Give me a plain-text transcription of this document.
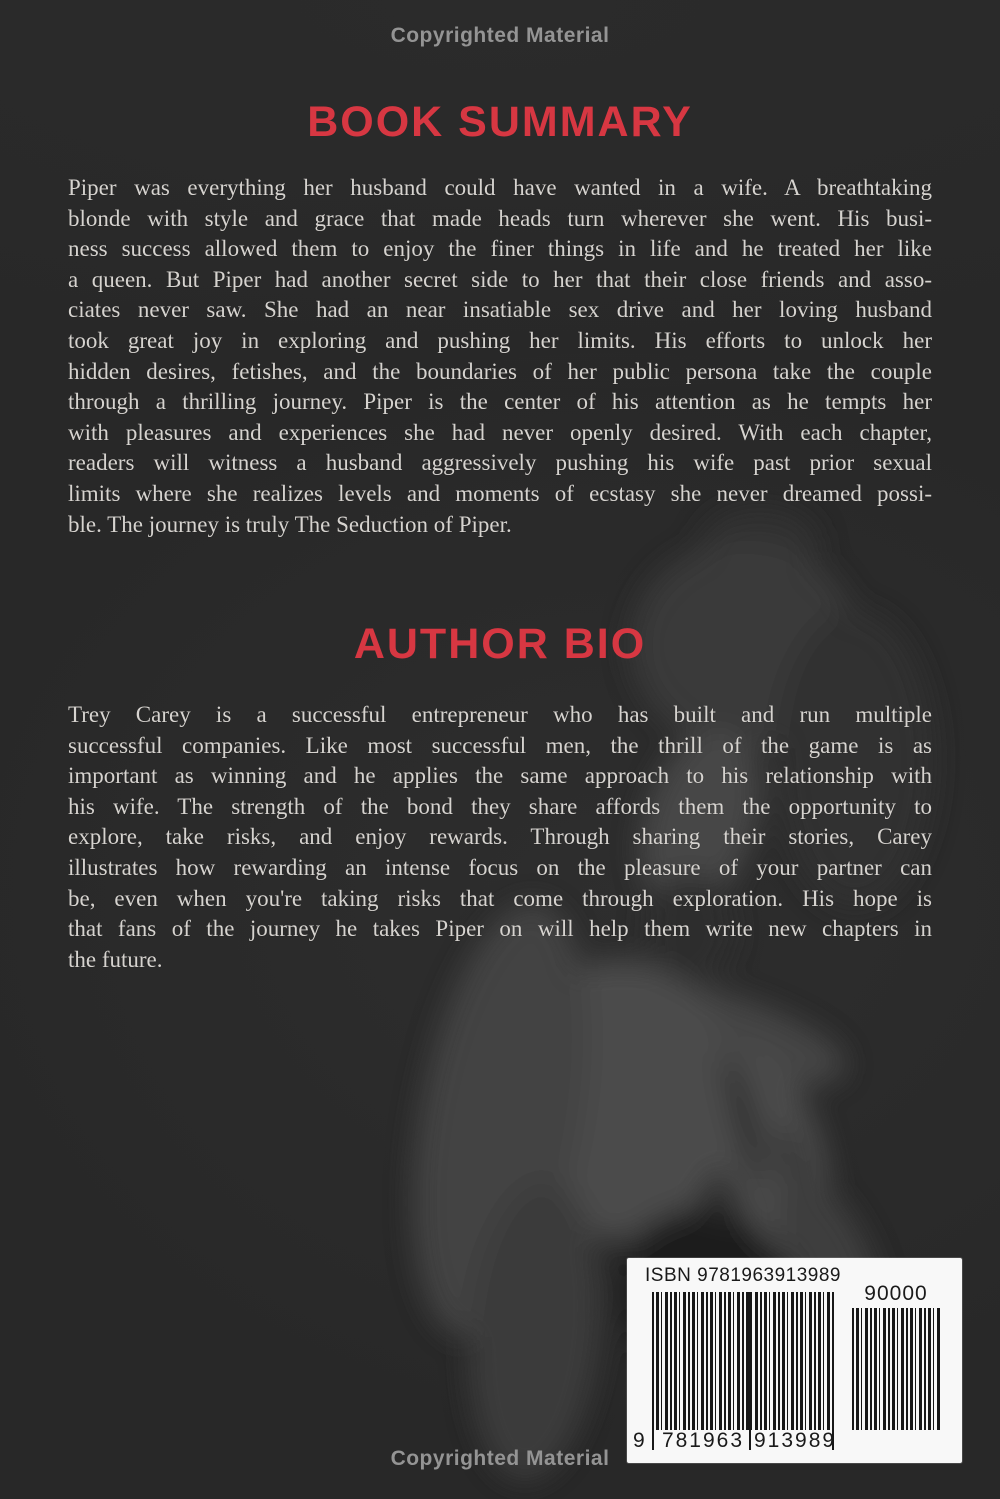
Copyrighted Material
BOOK SUMMARY
Piper was everything her husband could have wanted in a wife. A breathtaking
blonde with style and grace that made heads turn wherever she went. His busi-
ness success allowed them to enjoy the finer things in life and he treated her like
a queen. But Piper had another secret side to her that their close friends and asso-
ciates never saw. She had an near insatiable sex drive and her loving husband
took great joy in exploring and pushing her limits. His efforts to unlock her
hidden desires, fetishes, and the boundaries of her public persona take the couple
through a thrilling journey. Piper is the center of his attention as he tempts her
with pleasures and experiences she had never openly desired. With each chapter,
readers will witness a husband aggressively pushing his wife past prior sexual
limits where she realizes levels and moments of ecstasy she never dreamed possi-
ble. The journey is truly The Seduction of Piper.
AUTHOR BIO
Trey Carey is a successful entrepreneur who has built and run multiple
successful companies. Like most successful men, the thrill of the game is as
important as winning and he applies the same approach to his relationship with
his wife. The strength of the bond they share affords them the opportunity to
explore, take risks, and enjoy rewards. Through sharing their stories, Carey
illustrates how rewarding an intense focus on the pleasure of your partner can
be, even when you're taking risks that come through exploration. His hope is
that fans of the journey he takes Piper on will help them write new chapters in
the future.
ISBN 9781963913989
9 781963 913989
90000
Copyrighted Material
